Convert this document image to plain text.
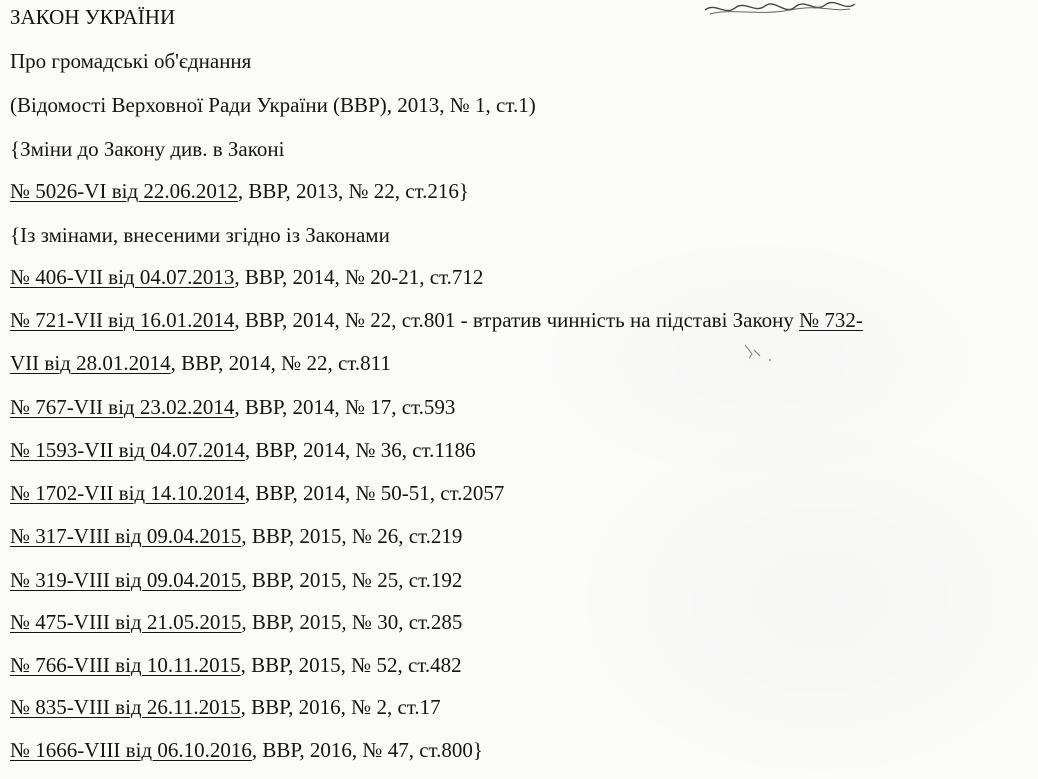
ЗАКОН УКРАЇНИ

Про громадські об'єднання

(Відомості Верховної Ради України (ВВР), 2013, № 1, ст.1)

{Зміни до Закону див. в Законі

№ 5026-VI від 22.06.2012, ВВР, 2013, № 22, ст.216}

{Із змінами, внесеними згідно із Законами

№ 406-VII від 04.07.2013, ВВР, 2014, № 20-21, ст.712

№ 721-VII від 16.01.2014, ВВР, 2014, № 22, ст.801 - втратив чинність на підставі Закону № 732-

VII від 28.01.2014, ВВР, 2014, № 22, ст.811

№ 767-VII від 23.02.2014, ВВР, 2014, № 17, ст.593

№ 1593-VII від 04.07.2014, ВВР, 2014, № 36, ст.1186

№ 1702-VII від 14.10.2014, ВВР, 2014, № 50-51, ст.2057

№ 317-VIII від 09.04.2015, ВВР, 2015, № 26, ст.219

№ 319-VIII від 09.04.2015, ВВР, 2015, № 25, ст.192

№ 475-VIII від 21.05.2015, ВВР, 2015, № 30, ст.285

№ 766-VIII від 10.11.2015, ВВР, 2015, № 52, ст.482

№ 835-VIII від 26.11.2015, ВВР, 2016, № 2, ст.17

№ 1666-VIII від 06.10.2016, ВВР, 2016, № 47, ст.800}
